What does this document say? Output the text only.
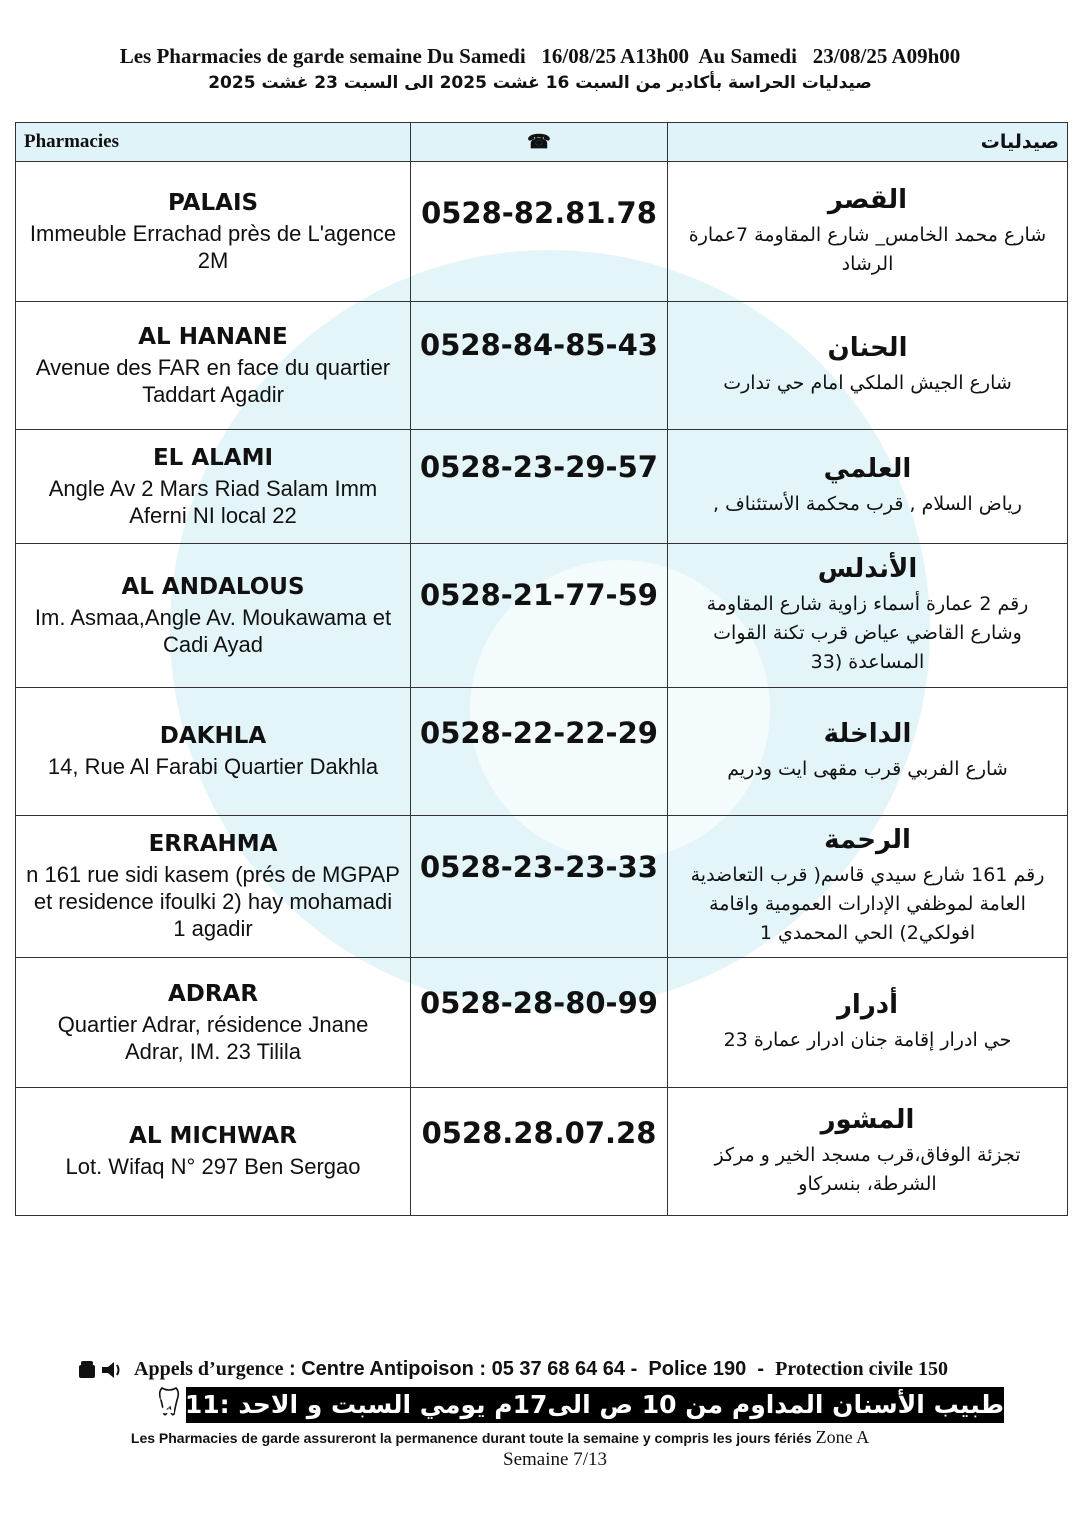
Les Pharmacies de garde semaine Du Samedi   16/08/25 A13h00  Au Samedi   23/08/25 A09h00
صيدليات الحراسة بأكادير من السبت 16 غشت 2025 الى السبت 23 غشت 2025
Pharmacies	☎	صيدليات

PALAIS
Immeuble Errachad près de L'agence 2M	0528-82.81.78	القصر
شارع محمد الخامس_ شارع المقاومة 7عمارة الرشاد

AL HANANE
Avenue des FAR en face du quartier Taddart Agadir	0528-84-85-43	الحنان
شارع الجيش الملكي امام حي تدارت

EL ALAMI
Angle Av 2 Mars Riad Salam Imm Aferni NI local 22	0528-23-29-57	العلمي
رياض السلام , قرب محكمة الأستئناف ,

AL ANDALOUS
Im. Asmaa,Angle Av. Moukawama et Cadi Ayad	0528-21-77-59	الأندلس
رقم 2 عمارة أسماء زاوية شارع المقاومة وشارع القاضي عياض قرب تكنة القوات المساعدة (33

DAKHLA
14, Rue Al Farabi Quartier Dakhla	0528-22-22-29	الداخلة
شارع الفربي قرب مقهى ايت ودريم

ERRAHMA
n 161 rue sidi kasem (prés de MGPAP et residence ifoulki 2) hay mohamadi 1 agadir	0528-23-23-33	الرحمة
رقم 161 شارع سيدي قاسم( قرب التعاضدية العامة لموظفي الإدارات العمومية واقامة افولكي2) الحي المحمدي 1

ADRAR
Quartier Adrar, résidence Jnane Adrar, IM. 23 Tilila	0528-28-80-99	أدرار
حي ادرار إقامة جنان ادرار عمارة 23

AL MICHWAR
Lot. Wifaq N° 297 Ben Sergao	0528.28.07.28	المشور
تجزئة الوفاق،قرب مسجد الخير و مركز الشرطة، بنسركاو
Appels d’urgence : Centre Antipoison : 05 37 68 64 64 -  Police 190  -  Protection civile 150
طبيب الأسنان المداوم من 10 ص الى17م يومي السبت و الاحد :11 12 11 08 06
Les Pharmacies de garde assureront la permanence durant toute la semaine y compris les jours fériés Zone A
Semaine 7/13
